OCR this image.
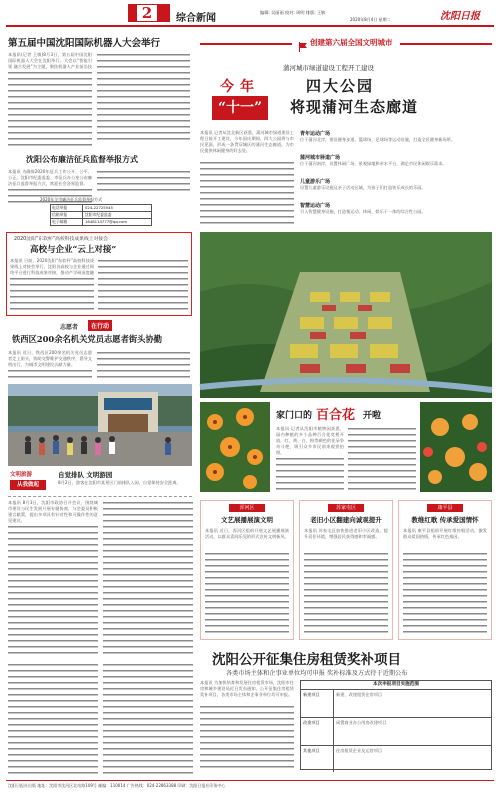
2	综合新闻
编辑: 吴丽丽 校对: 周明 排版: 王敏
2020年8月4日 星期二	沈阳日报
第五届中国沈阳国际机器人大会举行
本报讯(记者 王敏)8月3日，第五届中国沈阳国际机器人大会在沈阳举行。大会以“智能引领 融合发展”为主题，聚焦机器人产业前沿技
沈阳公布廉洁征兵监督举报方式
本报讯 为确保2020年征兵工作公开、公平、公正，沈阳市纪委监委、市征兵办公室公布廉洁征兵监督举报方式，欢迎社会各界监督。
2020年全市廉洁征兵监督举报方式
电话举报	024-22725545
信箱举报	沈阳市纪委监委
电子邮箱	1648114777@qq.com
2020沈阳“东软杯”高校科技成果线上对接会
高校与企业“云上对接”
本报讯 日前，2020沈阳“东软杯”高校科技成果线上对接会举行，沈阳各高校与企业通过网络平台进行科技成果对接，推动产学研深度融
志愿者	在行动
铁西区200余名机关党员志愿者街头协勤
本报讯 近日，铁西区200余名机关党员志愿者走上街头，协助交警维护交通秩序，倡导文明出行，为城市文明建设贡献力量。
文明旅游
从我做起
自觉排队 文明游园
8月2日，游客在沈阳市某景区门前排队入园，自觉保持安全距离。
本报讯 8月3日，沈阳市政协召开会议，围绕城市建设与民生发展开展专题协商，与会委员积极建言献策，提出多项具有针对性和可操作性的意见建议。
创建第六届全国文明城市
今年
“十一”
蒲河城市绿道建设工程开工建设
四大公园
将现蒲河生态廊道
本报讯 记者从沈北新区获悉，蒲河城市绿道建设工程日前开工建设，今年国庆期间，四大公园将与市民见面，形成一条贯穿城区的蒲河生态廊道，为市民提供休闲健身的好去处。
青年运动广场
位于蒲河北岸，建设健身步道、篮球场、足球场等运动设施，打造全民健身新场所。
蒲河城市驿道广场
位于蒲河南岸，设置休闲广场、景观绿地和亲水平台，满足市民休闲娱乐需求。
儿童游乐广场
设置儿童游乐设施及亲子活动区域，为孩子们打造快乐成长的乐园。
智慧运动广场
引入智慧健身设施，打造集运动、休闲、娱乐于一体的综合性公园。
家门口的 百合花 开啦
本报讯 记者从沈阳市植物园获悉，园内种植的多个品种百合花竞相开放，红、黄、白、粉等颜色的花朵争奇斗艳，吸引众多市民前来观赏拍照。
浑河区
文艺展播展演文明
本报讯 近日，浑河区组织开展文艺展播展演活动，以群众喜闻乐见的形式宣传文明新风。
苏家屯区
老旧小区翻建向诚观提升
本报讯 苏家屯区加快推进老旧小区改造，提升居住环境，增强居民获得感和幸福感。
康平县
教维红歌 传承爱国情怀
本报讯 康平县组织开展红歌传唱活动，激发群众爱国热情，传承红色基因。
沈阳公开征集住房租赁奖补项目
各类市场主体和企事业单位均可申报 奖补标准及方式待于近期公布
本报讯 为加快培育和发展住房租赁市场，沈阳市住房和城乡建设局近日发布通知，公开征集住房租赁奖补项目，各类市场主体和企事业单位均可申报。
本次申报项目实施范围
新建项目	新建、改建租赁住房项目
改建项目	闲置商业办公用房改建项目
其他项目	住房租赁企业及运营项目
沈阳日报社出版 地址：沈阳市沈河区北站路109号 邮编：110014 广告热线：024-22863388 印刷：沈阳日报社印务中心
